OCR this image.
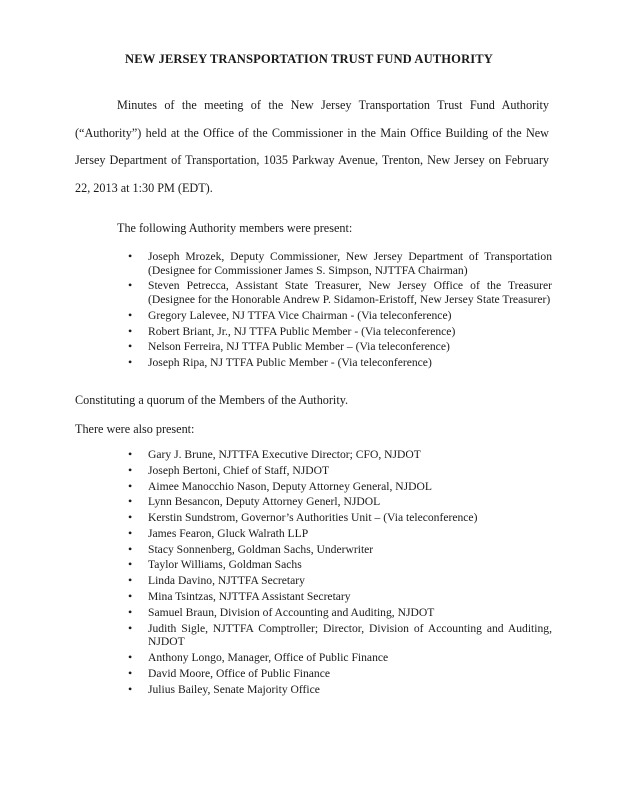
NEW JERSEY TRANSPORTATION TRUST FUND AUTHORITY

Minutes of the meeting of the New Jersey Transportation Trust Fund Authority (“Authority”) held at the Office of the Commissioner in the Main Office Building of the New Jersey Department of Transportation, 1035 Parkway Avenue, Trenton, New Jersey on February 22, 2013 at 1:30 PM (EDT).

The following Authority members were present:

• Joseph Mrozek, Deputy Commissioner, New Jersey Department of Transportation (Designee for Commissioner James S. Simpson, NJTTFA Chairman)
• Steven Petrecca, Assistant State Treasurer, New Jersey Office of the Treasurer (Designee for the Honorable Andrew P. Sidamon-Eristoff, New Jersey State Treasurer)
• Gregory Lalevee, NJ TTFA Vice Chairman - (Via teleconference)
• Robert Briant, Jr., NJ TTFA Public Member - (Via teleconference)
• Nelson Ferreira, NJ TTFA Public Member – (Via teleconference)
• Joseph Ripa, NJ TTFA Public Member - (Via teleconference)

Constituting a quorum of the Members of the Authority.

There were also present:

• Gary J. Brune, NJTTFA Executive Director; CFO, NJDOT
• Joseph Bertoni, Chief of Staff, NJDOT
• Aimee Manocchio Nason, Deputy Attorney General, NJDOL
• Lynn Besancon, Deputy Attorney Generl, NJDOL
• Kerstin Sundstrom, Governor’s Authorities Unit – (Via teleconference)
• James Fearon, Gluck Walrath LLP
• Stacy Sonnenberg, Goldman Sachs, Underwriter
• Taylor Williams, Goldman Sachs
• Linda Davino, NJTTFA Secretary
• Mina Tsintzas, NJTTFA Assistant Secretary
• Samuel Braun, Division of Accounting and Auditing, NJDOT
• Judith Sigle, NJTTFA Comptroller; Director, Division of Accounting and Auditing, NJDOT
• Anthony Longo, Manager, Office of Public Finance
• David Moore, Office of Public Finance
• Julius Bailey, Senate Majority Office
